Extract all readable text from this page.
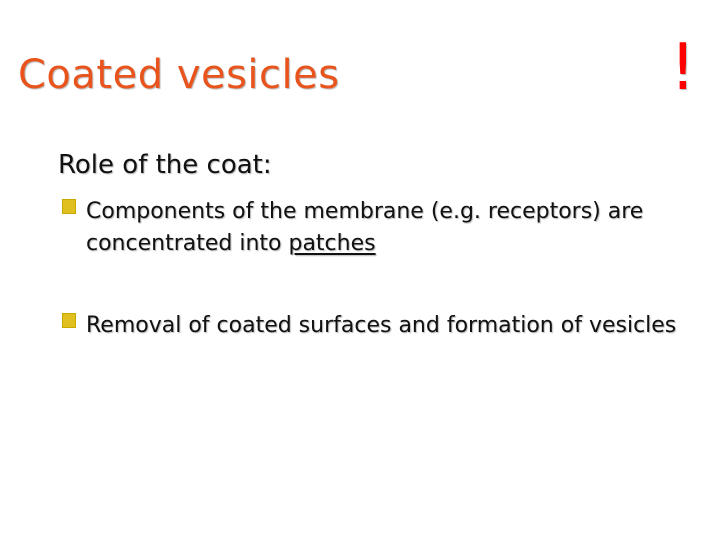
Coated vesicles	!
Role of the coat:
Components of the membrane (e.g. receptors) are concentrated into patches
Removal of coated surfaces and formation of vesicles
